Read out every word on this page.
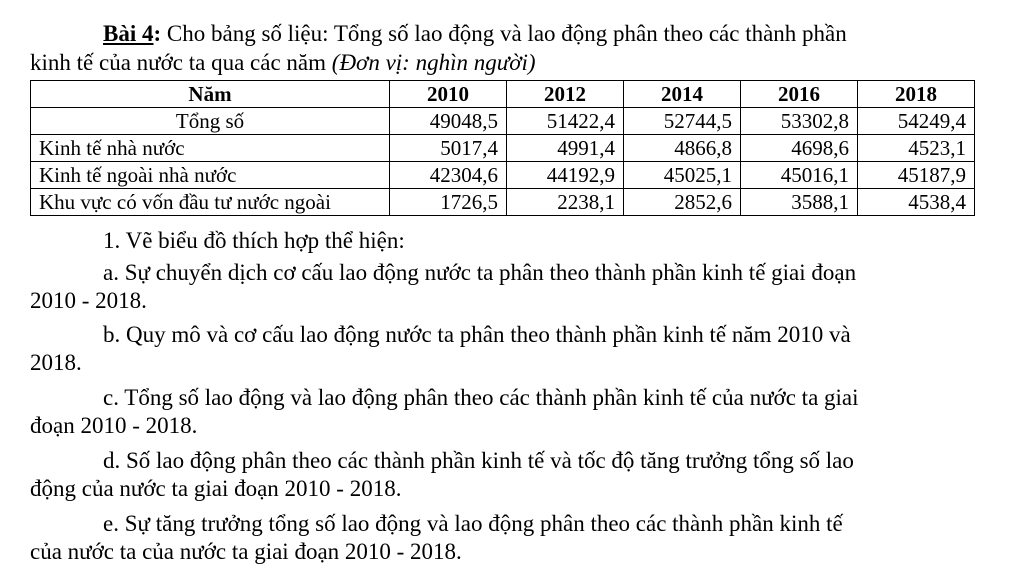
Bài 4: Cho bảng số liệu: Tổng số lao động và lao động phân theo các thành phần
kinh tế của nước ta qua các năm (Đơn vị: nghìn người)
Năm	2010	2012	2014	2016	2018
Tổng số	49048,5	51422,4	52744,5	53302,8	54249,4
Kinh tế nhà nước	5017,4	4991,4	4866,8	4698,6	4523,1
Kinh tế ngoài nhà nước	42304,6	44192,9	45025,1	45016,1	45187,9
Khu vực có vốn đầu tư nước ngoài	1726,5	2238,1	2852,6	3588,1	4538,4
1. Vẽ biểu đồ thích hợp thể hiện:
a. Sự chuyển dịch cơ cấu lao động nước ta phân theo thành phần kinh tế giai đoạn
2010 - 2018.
b. Quy mô và cơ cấu lao động nước ta phân theo thành phần kinh tế năm 2010 và
2018.
c. Tổng số lao động và lao động phân theo các thành phần kinh tế của nước ta giai
đoạn 2010 - 2018.
d. Số lao động phân theo các thành phần kinh tế và tốc độ tăng trưởng tổng số lao
động của nước ta giai đoạn 2010 - 2018.
e. Sự tăng trưởng tổng số lao động và lao động phân theo các thành phần kinh tế
của nước ta của nước ta giai đoạn 2010 - 2018.
